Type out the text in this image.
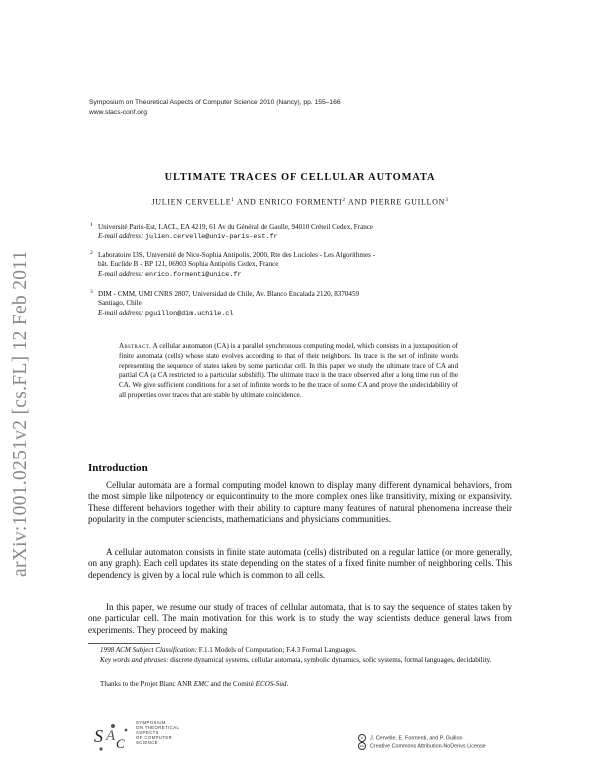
arXiv:1001.0251v2 [cs.FL] 12 Feb 2011
Symposium on Theoretical Aspects of Computer Science 2010 (Nancy), pp. 155–166
www.stacs-conf.org
ULTIMATE TRACES OF CELLULAR AUTOMATA
JULIEN CERVELLE$^1$ AND ENRICO FORMENTI$^2$ AND PIERRE GUILLON$^3$
1 Université Paris-Est, LACL, EA 4219, 61 Av du Général de Gaulle, 94010 Créteil Cedex, France
E-mail address: julien.cervelle@univ-paris-est.fr
2 Laboratoire I3S, Université de Nice-Sophia Antipolis, 2000, Rte des Lucioles - Les Algorithmes -
bât. Euclide B - BP 121, 06903 Sophia Antipolis Cedex, France
E-mail address: enrico.formenti@unice.fr
3 DIM - CMM, UMI CNRS 2807, Universidad de Chile, Av. Blanco Encalada 2120, 8370459
Santiago, Chile
E-mail address: pguillon@dim.uchile.cl
Abstract. A cellular automaton (CA) is a parallel synchronous computing model, which consists in a juxtaposition of finite automata (cells) whose state evolves according to that of their neighbors. Its trace is the set of infinite words representing the sequence of states taken by some particular cell. In this paper we study the ultimate trace of CA and partial CA (a CA restricted to a particular subshift). The ultimate trace is the trace observed after a long time run of the CA. We give sufficient conditions for a set of infinite words to be the trace of some CA and prove the undecidability of all properties over traces that are stable by ultimate coincidence.
Introduction
Cellular automata are a formal computing model known to display many different dynamical behaviors, from the most simple like nilpotency or equicontinuity to the more complex ones like transitivity, mixing or expansivity. These different behaviors together with their ability to capture many features of natural phenomena increase their popularity in the computer sciencists, mathematicians and physicians communities.
A cellular automaton consists in finite state automata (cells) distributed on a regular lattice (or more generally, on any graph). Each cell updates its state depending on the states of a fixed finite number of neighboring cells. This dependency is given by a local rule which is common to all cells.
In this paper, we resume our study of traces of cellular automata, that is to say the sequence of states taken by one particular cell. The main motivation for this work is to study the way scientists deduce general laws from experiments. They proceed by making
1998 ACM Subject Classification: F.1.1 Models of Computation; F.4.3 Formal Languages.
Key words and phrases: discrete dynamical systems, cellular automata, symbolic dynamics, sofic systems, formal languages, decidability.
Thanks to the Projet Blanc ANR EMC and the Comité ECOS-Sud.
S A C
SYMPOSIUM
ON THEORETICAL
ASPECTS
OF COMPUTER
SCIENCE
c J. Cervelle, E. Formenti, and P. Guillon
cc Creative Commons Attribution-NoDerivs License
